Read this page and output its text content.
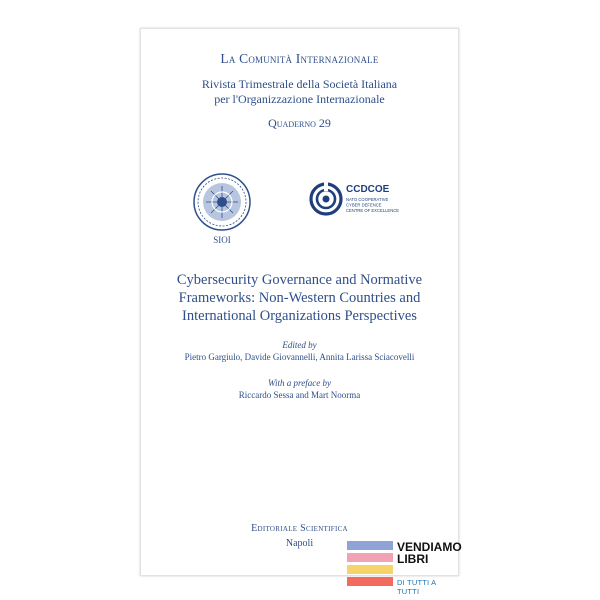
La Comunità Internazionale
Rivista Trimestrale della Società Italiana
per l'Organizzazione Internazionale
Quaderno 29
SIOI
CCDCOE
NATO COOPERATIVE
CYBER DEFENCE
CENTRE OF EXCELLENCE
Cybersecurity Governance and Normative
Frameworks: Non-Western Countries and
International Organizations Perspectives
Edited by
Pietro Gargiulo, Davide Giovannelli, Annita Larissa Sciacovelli
With a preface by
Riccardo Sessa and Mart Noorma
Editoriale Scientifica
Napoli	VENDIAMO
LIBRI
DI TUTTI A TUTTI
